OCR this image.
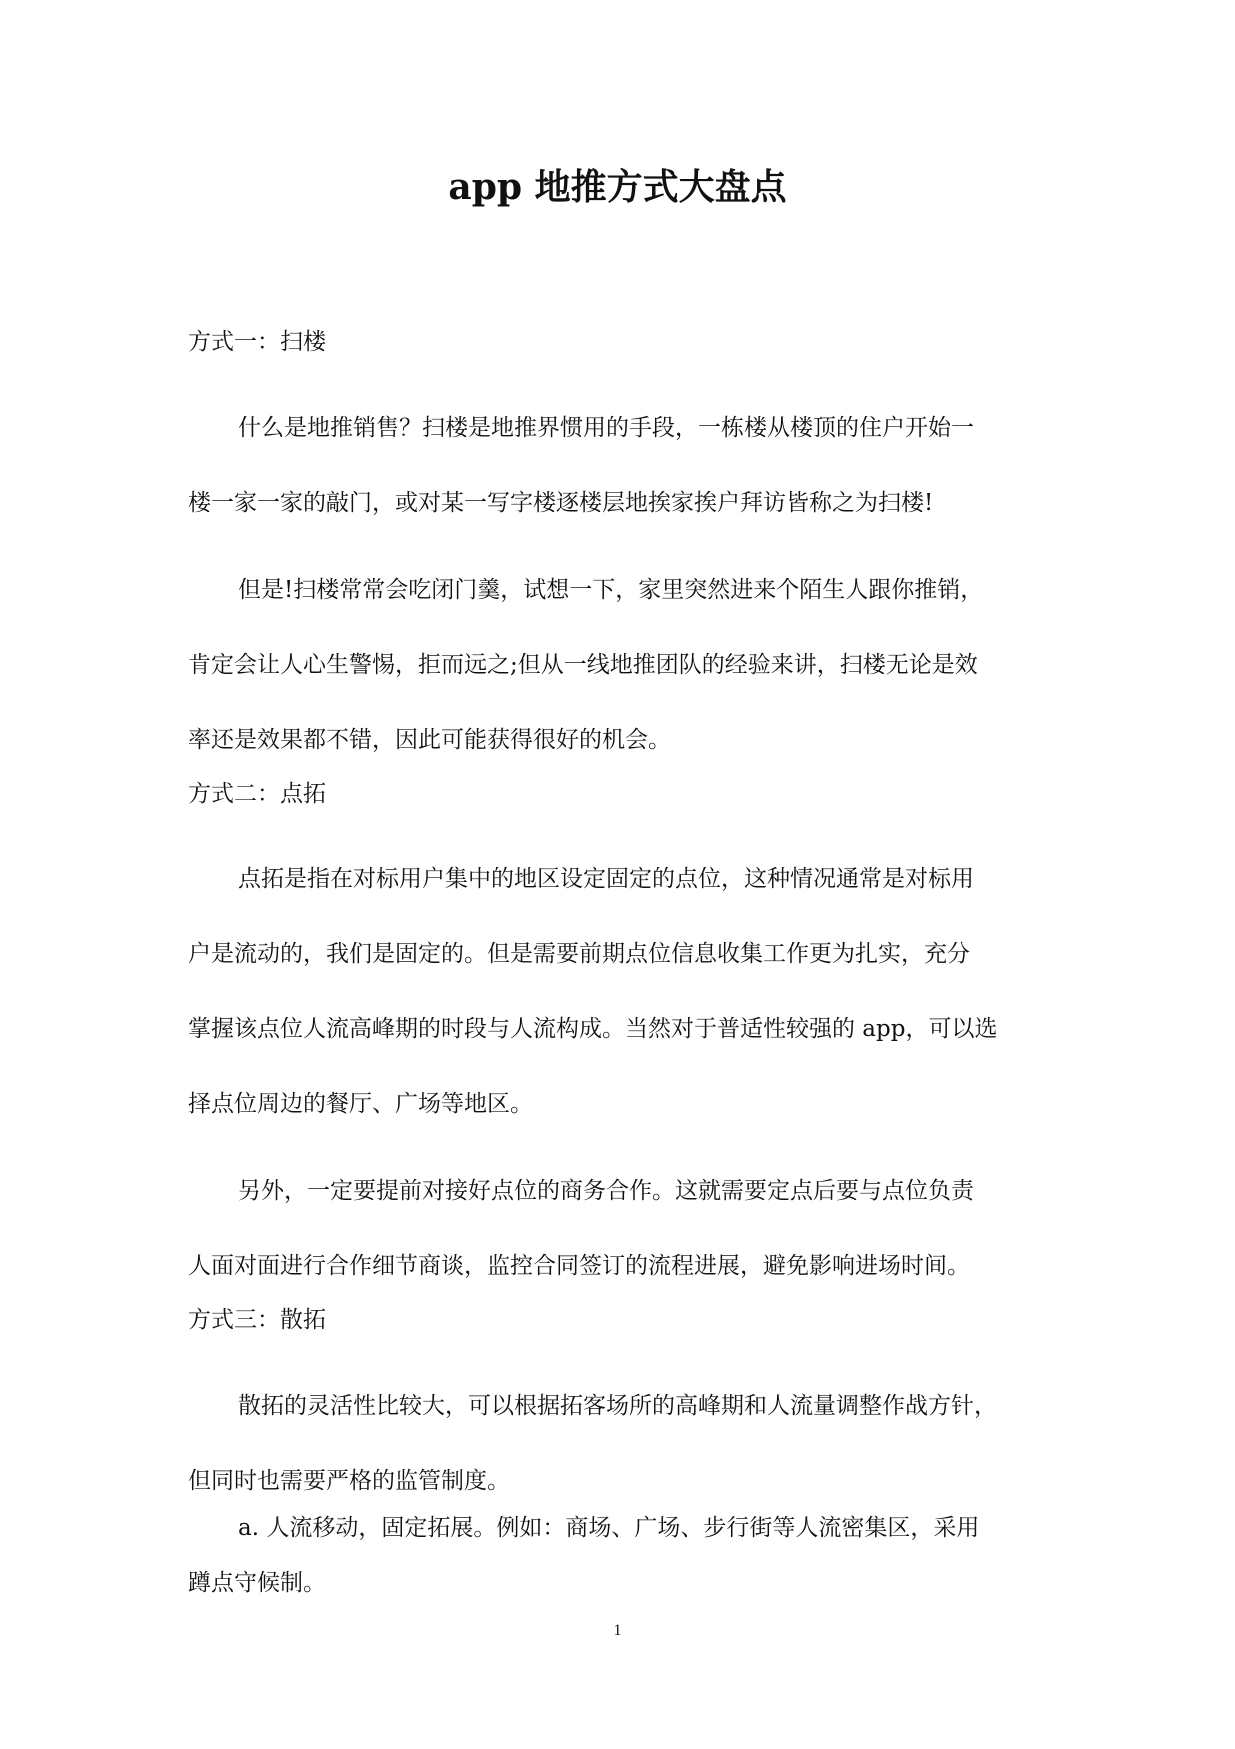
app 地推方式大盘点

方式一：扫楼

什么是地推销售？扫楼是地推界惯用的手段，一栋楼从楼顶的住户开始一

楼一家一家的敲门，或对某一写字楼逐楼层地挨家挨户拜访皆称之为扫楼!

但是!扫楼常常会吃闭门羹，试想一下，家里突然进来个陌生人跟你推销，

肯定会让人心生警惕，拒而远之;但从一线地推团队的经验来讲，扫楼无论是效

率还是效果都不错，因此可能获得很好的机会。

方式二：点拓

点拓是指在对标用户集中的地区设定固定的点位，这种情况通常是对标用

户是流动的，我们是固定的。但是需要前期点位信息收集工作更为扎实，充分

掌握该点位人流高峰期的时段与人流构成。当然对于普适性较强的 app，可以选

择点位周边的餐厅、广场等地区。

另外，一定要提前对接好点位的商务合作。这就需要定点后要与点位负责

人面对面进行合作细节商谈，监控合同签订的流程进展，避免影响进场时间。

方式三：散拓

散拓的灵活性比较大，可以根据拓客场所的高峰期和人流量调整作战方针，

但同时也需要严格的监管制度。

a. 人流移动，固定拓展。例如：商场、广场、步行街等人流密集区，采用

蹲点守候制。

1
